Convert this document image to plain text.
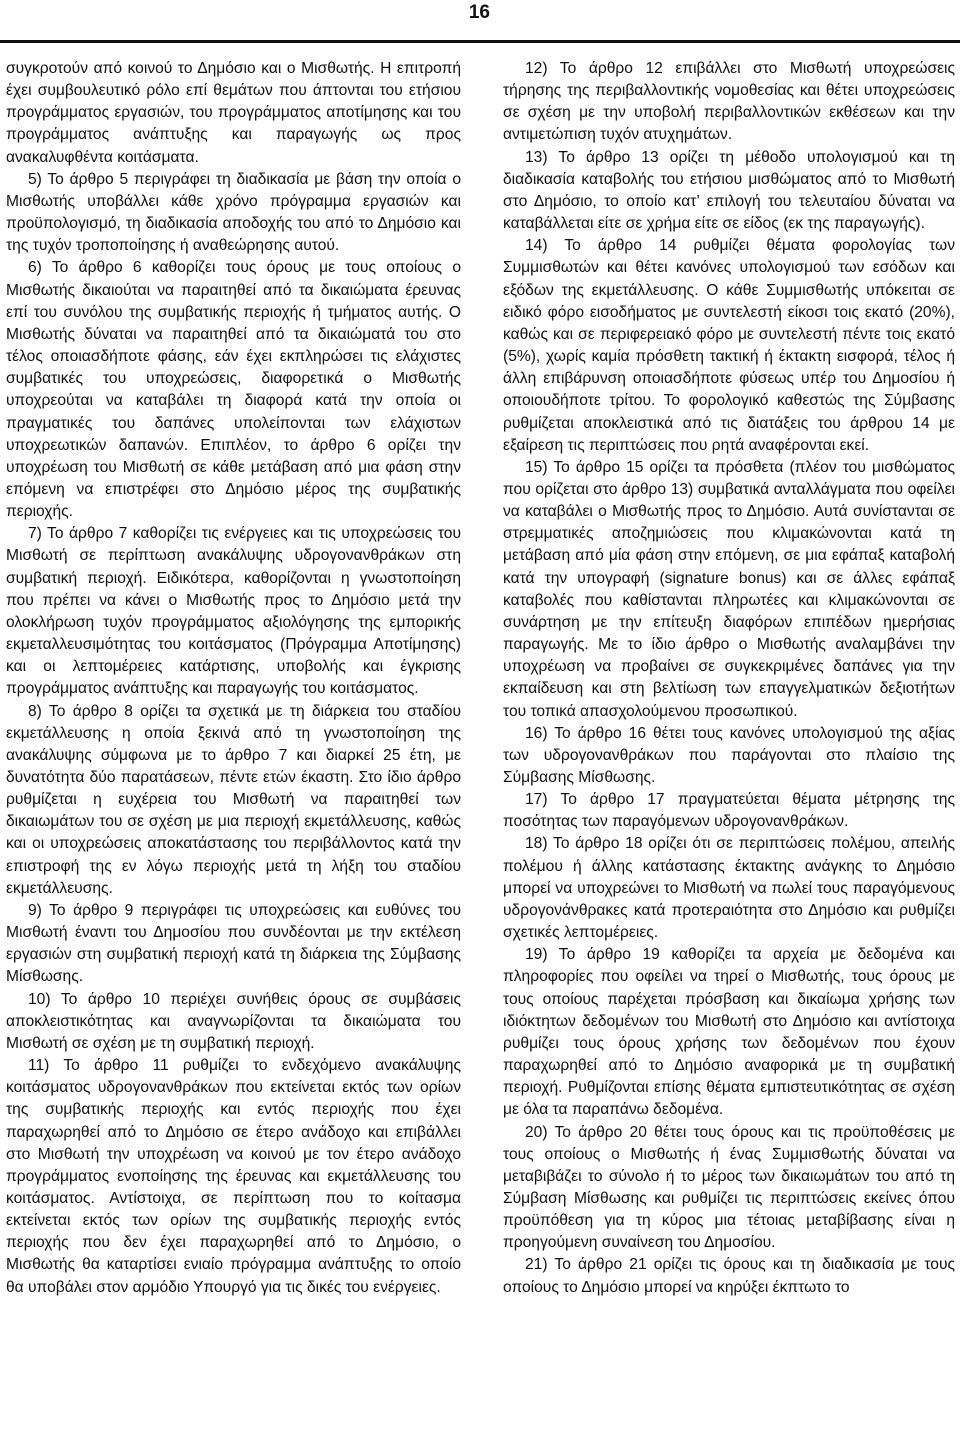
16

συγκροτούν από κοινού το Δημόσιο και ο Μισθωτής. Η επιτροπή έχει συμβουλευτικό ρόλο επί θεμάτων που άπτονται του ετήσιου προγράμματος εργασιών, του προγράμματος αποτίμησης και του προγράμματος ανάπτυξης και παραγωγής ως προς ανακαλυφθέντα κοιτάσματα.

5) Το άρθρο 5 περιγράφει τη διαδικασία με βάση την οποία ο Μισθωτής υποβάλλει κάθε χρόνο πρόγραμμα εργασιών και προϋπολογισμό, τη διαδικασία αποδοχής του από το Δημόσιο και της τυχόν τροποποίησης ή αναθεώρησης αυτού.

6) Το άρθρο 6 καθορίζει τους όρους με τους οποίους ο Μισθωτής δικαιούται να παραιτηθεί από τα δικαιώματα έρευνας επί του συνόλου της συμβατικής περιοχής ή τμήματος αυτής. Ο Μισθωτής δύναται να παραιτηθεί από τα δικαιώματά του στο τέλος οποιασδήποτε φάσης, εάν έχει εκπληρώσει τις ελάχιστες συμβατικές του υποχρεώσεις, διαφορετικά ο Μισθωτής υποχρεούται να καταβάλει τη διαφορά κατά την οποία οι πραγματικές του δαπάνες υπολείπονται των ελάχιστων υποχρεωτικών δαπανών. Επιπλέον, το άρθρο 6 ορίζει την υποχρέωση του Μισθωτή σε κάθε μετάβαση από μια φάση στην επόμενη να επιστρέφει στο Δημόσιο μέρος της συμβατικής περιοχής.

7) Το άρθρο 7 καθορίζει τις ενέργειες και τις υποχρεώσεις του Μισθωτή σε περίπτωση ανακάλυψης υδρογονανθράκων στη συμβατική περιοχή. Ειδικότερα, καθορίζονται η γνωστοποίηση που πρέπει να κάνει ο Μισθωτής προς το Δημόσιο μετά την ολοκλήρωση τυχόν προγράμματος αξιολόγησης της εμπορικής εκμεταλλευσιμότητας του κοιτάσματος (Πρόγραμμα Αποτίμησης) και οι λεπτομέρειες κατάρτισης, υποβολής και έγκρισης προγράμματος ανάπτυξης και παραγωγής του κοιτάσματος.

8) Το άρθρο 8 ορίζει τα σχετικά με τη διάρκεια του σταδίου εκμετάλλευσης η οποία ξεκινά από τη γνωστοποίηση της ανακάλυψης σύμφωνα με το άρθρο 7 και διαρκεί 25 έτη, με δυνατότητα δύο παρατάσεων, πέντε ετών έκαστη. Στο ίδιο άρθρο ρυθμίζεται η ευχέρεια του Μισθωτή να παραιτηθεί των δικαιωμάτων του σε σχέση με μια περιοχή εκμετάλλευσης, καθώς και οι υποχρεώσεις αποκατάστασης του περιβάλλοντος κατά την επιστροφή της εν λόγω περιοχής μετά τη λήξη του σταδίου εκμετάλλευσης.

9) Το άρθρο 9 περιγράφει τις υποχρεώσεις και ευθύνες του Μισθωτή έναντι του Δημοσίου που συνδέονται με την εκτέλεση εργασιών στη συμβατική περιοχή κατά τη διάρκεια της Σύμβασης Μίσθωσης.

10) Το άρθρο 10 περιέχει συνήθεις όρους σε συμβάσεις αποκλειστικότητας και αναγνωρίζονται τα δικαιώματα του Μισθωτή σε σχέση με τη συμβατική περιοχή.

11) Το άρθρο 11 ρυθμίζει το ενδεχόμενο ανακάλυψης κοιτάσματος υδρογονανθράκων που εκτείνεται εκτός των ορίων της συμβατικής περιοχής και εντός περιοχής που έχει παραχωρηθεί από το Δημόσιο σε έτερο ανάδοχο και επιβάλλει στο Μισθωτή την υποχρέωση να κοινού με τον έτερο ανάδοχο προγράμματος ενοποίησης της έρευνας και εκμετάλλευσης του κοιτάσματος. Αντίστοιχα, σε περίπτωση που το κοίτασμα εκτείνεται εκτός των ορίων της συμβατικής περιοχής εντός περιοχής που δεν έχει παραχωρηθεί από το Δημόσιο, ο Μισθωτής θα καταρτίσει ενιαίο πρόγραμμα ανάπτυξης το οποίο θα υποβάλει στον αρμόδιο Υπουργό για τις δικές του ενέργειες.

12) Το άρθρο 12 επιβάλλει στο Μισθωτή υποχρεώσεις τήρησης της περιβαλλοντικής νομοθεσίας και θέτει υποχρεώσεις σε σχέση με την υποβολή περιβαλλοντικών εκθέσεων και την αντιμετώπιση τυχόν ατυχημάτων.

13) Το άρθρο 13 ορίζει τη μέθοδο υπολογισμού και τη διαδικασία καταβολής του ετήσιου μισθώματος από το Μισθωτή στο Δημόσιο, το οποίο κατ’ επιλογή του τελευταίου δύναται να καταβάλλεται είτε σε χρήμα είτε σε είδος (εκ της παραγωγής).

14) Το άρθρο 14 ρυθμίζει θέματα φορολογίας των Συμμισθωτών και θέτει κανόνες υπολογισμού των εσόδων και εξόδων της εκμετάλλευσης. Ο κάθε Συμμισθωτής υπόκειται σε ειδικό φόρο εισοδήματος με συντελεστή είκοσι τοις εκατό (20%), καθώς και σε περιφερειακό φόρο με συντελεστή πέντε τοις εκατό (5%), χωρίς καμία πρόσθετη τακτική ή έκτακτη εισφορά, τέλος ή άλλη επιβάρυνση οποιασδήποτε φύσεως υπέρ του Δημοσίου ή οποιουδήποτε τρίτου. Το φορολογικό καθεστώς της Σύμβασης ρυθμίζεται αποκλειστικά από τις διατάξεις του άρθρου 14 με εξαίρεση τις περιπτώσεις που ρητά αναφέρονται εκεί.

15) Το άρθρο 15 ορίζει τα πρόσθετα (πλέον του μισθώματος που ορίζεται στο άρθρο 13) συμβατικά ανταλλάγματα που οφείλει να καταβάλει ο Μισθωτής προς το Δημόσιο. Αυτά συνίστανται σε στρεμματικές αποζημιώσεις που κλιμακώνονται κατά τη μετάβαση από μία φάση στην επόμενη, σε μια εφάπαξ καταβολή κατά την υπογραφή (signature bonus) και σε άλλες εφάπαξ καταβολές που καθίστανται πληρωτέες και κλιμακώνονται σε συνάρτηση με την επίτευξη διαφόρων επιπέδων ημερήσιας παραγωγής. Με το ίδιο άρθρο ο Μισθωτής αναλαμβάνει την υποχρέωση να προβαίνει σε συγκεκριμένες δαπάνες για την εκπαίδευση και στη βελτίωση των επαγγελματικών δεξιοτήτων του τοπικά απασχολούμενου προσωπικού.

16) Το άρθρο 16 θέτει τους κανόνες υπολογισμού της αξίας των υδρογονανθράκων που παράγονται στο πλαίσιο της Σύμβασης Μίσθωσης.

17) Το άρθρο 17 πραγματεύεται θέματα μέτρησης της ποσότητας των παραγόμενων υδρογονανθράκων.

18) Το άρθρο 18 ορίζει ότι σε περιπτώσεις πολέμου, απειλής πολέμου ή άλλης κατάστασης έκτακτης ανάγκης το Δημόσιο μπορεί να υποχρεώνει το Μισθωτή να πωλεί τους παραγόμενους υδρογονάνθρακες κατά προτεραιότητα στο Δημόσιο και ρυθμίζει σχετικές λεπτομέρειες.

19) Το άρθρο 19 καθορίζει τα αρχεία με δεδομένα και πληροφορίες που οφείλει να τηρεί ο Μισθωτής, τους όρους με τους οποίους παρέχεται πρόσβαση και δικαίωμα χρήσης των ιδιόκτητων δεδομένων του Μισθωτή στο Δημόσιο και αντίστοιχα ρυθμίζει τους όρους χρήσης των δεδομένων που έχουν παραχωρηθεί από το Δημόσιο αναφορικά με τη συμβατική περιοχή. Ρυθμίζονται επίσης θέματα εμπιστευτικότητας σε σχέση με όλα τα παραπάνω δεδομένα.

20) Το άρθρο 20 θέτει τους όρους και τις προϋποθέσεις με τους οποίους ο Μισθωτής ή ένας Συμμισθωτής δύναται να μεταβιβάζει το σύνολο ή το μέρος των δικαιωμάτων του από τη Σύμβαση Μίσθωσης και ρυθμίζει τις περιπτώσεις εκείνες όπου προϋπόθεση για τη κύρος μια τέτοιας μεταβίβασης είναι η προηγούμενη συναίνεση του Δημοσίου.

21) Το άρθρο 21 ορίζει τις όρους και τη διαδικασία με τους οποίους το Δημόσιο μπορεί να κηρύξει έκπτωτο το
